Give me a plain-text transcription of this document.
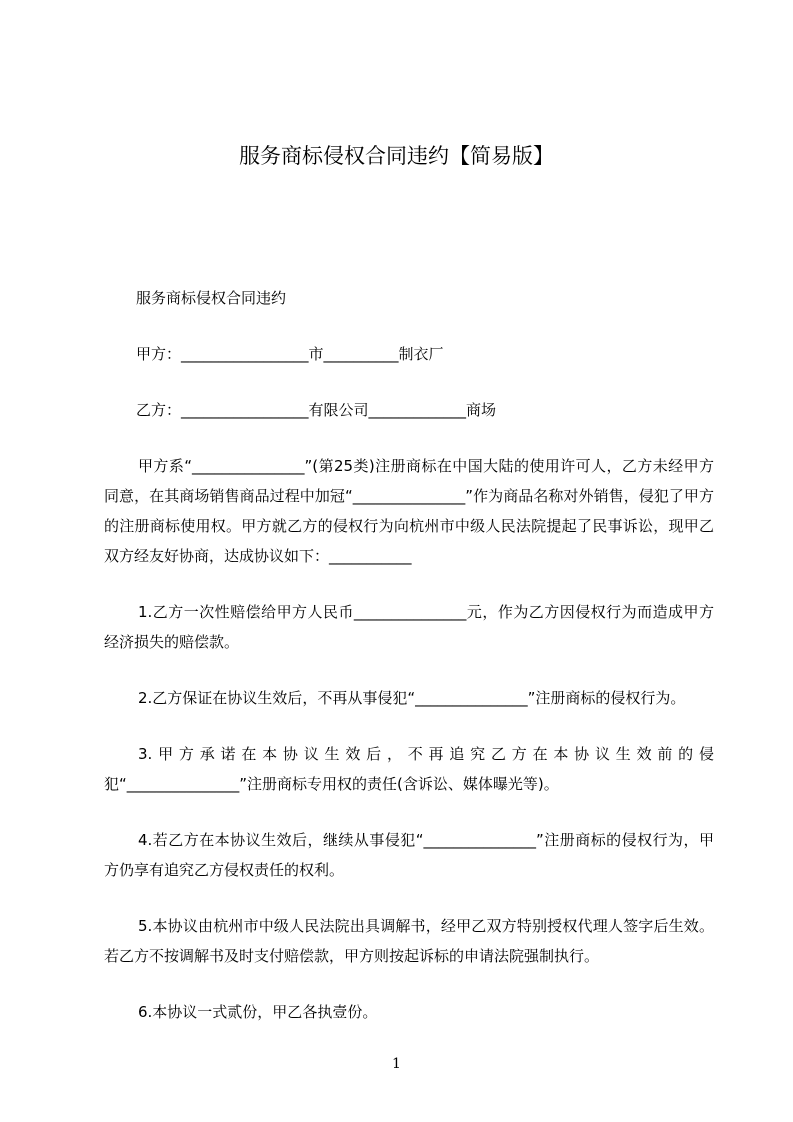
服务商标侵权合同违约【简易版】

服务商标侵权合同违约

甲方：_________________市__________制衣厂

乙方：_________________有限公司_____________商场

甲方系“_______________”(第25类)注册商标在中国大陆的使用许可人，乙方未经甲方同意，在其商场销售商品过程中加冠“_______________”作为商品名称对外销售，侵犯了甲方的注册商标使用权。甲方就乙方的侵权行为向杭州市中级人民法院提起了民事诉讼，现甲乙双方经友好协商，达成协议如下：___________

1.乙方一次性赔偿给甲方人民币_______________元，作为乙方因侵权行为而造成甲方经济损失的赔偿款。

2.乙方保证在协议生效后，不再从事侵犯“_______________”注册商标的侵权行为。

3.甲方承诺在本协议生效后，不再追究乙方在本协议生效前的侵犯“_______________”注册商标专用权的责任(含诉讼、媒体曝光等)。

4.若乙方在本协议生效后，继续从事侵犯“_______________”注册商标的侵权行为，甲方仍享有追究乙方侵权责任的权利。

5.本协议由杭州市中级人民法院出具调解书，经甲乙双方特别授权代理人签字后生效。若乙方不按调解书及时支付赔偿款，甲方则按起诉标的申请法院强制执行。

6.本协议一式贰份，甲乙各执壹份。

1
